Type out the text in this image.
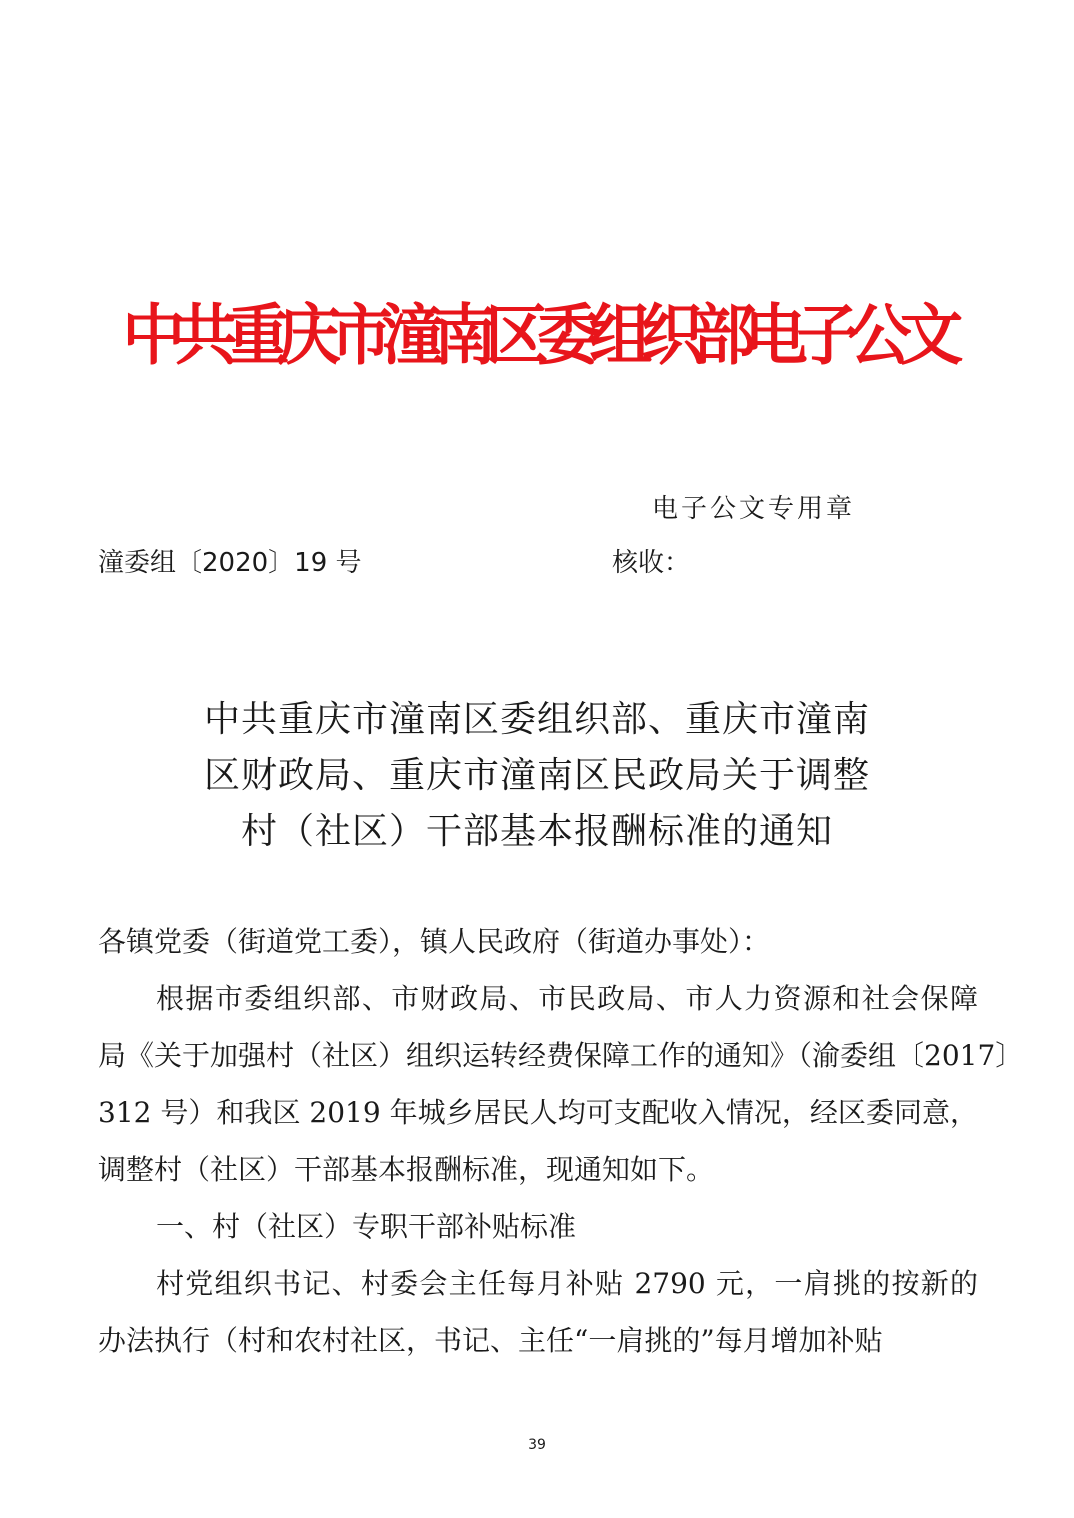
中共重庆市潼南区委组织部电子公文
电子公文专用章
潼委组〔2020〕19 号	核收：
中共重庆市潼南区委组织部、重庆市潼南
区财政局、重庆市潼南区民政局关于调整
村（社区）干部基本报酬标准的通知
各镇党委（街道党工委），镇人民政府（街道办事处）：
根据市委组织部、市财政局、市民政局、市人力资源和社会保障
局《关于加强村（社区）组织运转经费保障工作的通知》（渝委组〔2017〕
312 号）和我区 2019 年城乡居民人均可支配收入情况，经区委同意，
调整村（社区）干部基本报酬标准，现通知如下。
一、村（社区）专职干部补贴标准
村党组织书记、村委会主任每月补贴 2790 元，一肩挑的按新的
办法执行（村和农村社区，书记、主任“一肩挑的”每月增加补贴
39
